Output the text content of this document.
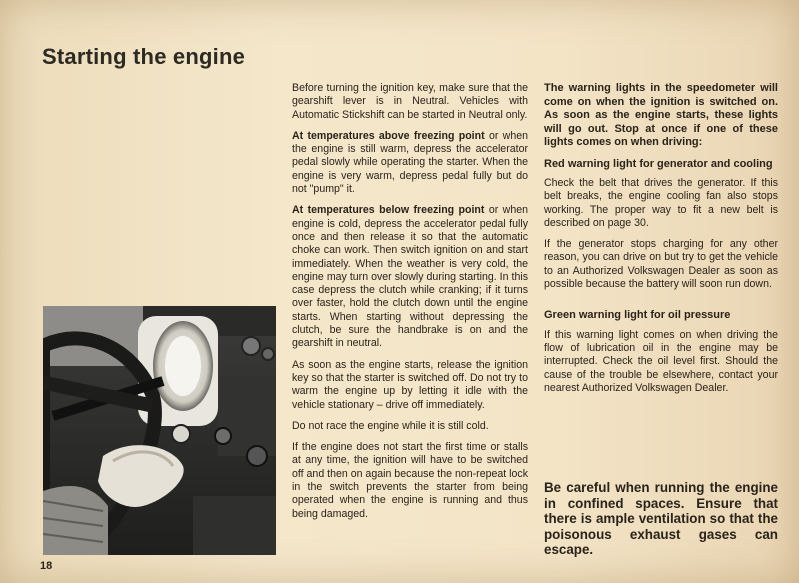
Starting the engine

Before turning the ignition key, make sure that the gearshift lever is in Neutral. Vehicles with Automatic Stickshift can be started in Neutral only.

At temperatures above freezing point or when the engine is still warm, depress the accelerator pedal slowly while operating the starter. When the engine is very warm, depress pedal fully but do not "pump" it.

At temperatures below freezing point or when engine is cold, depress the accelerator pedal fully once and then release it so that the automatic choke can work. Then switch ignition on and start immediately. When the weather is very cold, the engine may turn over slowly during starting. In this case depress the clutch while cranking; if it turns over faster, hold the clutch down until the engine starts. When starting without depressing the clutch, be sure the handbrake is on and the gearshift in neutral.

As soon as the engine starts, release the ignition key so that the starter is switched off. Do not try to warm the engine up by letting it idle with the vehicle stationary – drive off immediately.

Do not race the engine while it is still cold.

If the engine does not start the first time or stalls at any time, the ignition will have to be switched off and then on again because the non-repeat lock in the switch prevents the starter from being operated when the engine is running and thus being damaged.

The warning lights in the speedometer will come on when the ignition is switched on. As soon as the engine starts, these lights will go out. Stop at once if one of these lights comes on when driving:

Red warning light for generator and cooling

Check the belt that drives the generator. If this belt breaks, the engine cooling fan also stops working. The proper way to fit a new belt is described on page 30.

If the generator stops charging for any other reason, you can drive on but try to get the vehicle to an Authorized Volkswagen Dealer as soon as possible because the battery will soon run down.

Green warning light for oil pressure

If this warning light comes on when driving the flow of lubrication oil in the engine may be interrupted. Check the oil level first. Should the cause of the trouble be elsewhere, contact your nearest Authorized Volkswagen Dealer.

Be careful when running the engine in confined spaces. Ensure that there is ample ventilation so that the poisonous exhaust gases can escape.
18
